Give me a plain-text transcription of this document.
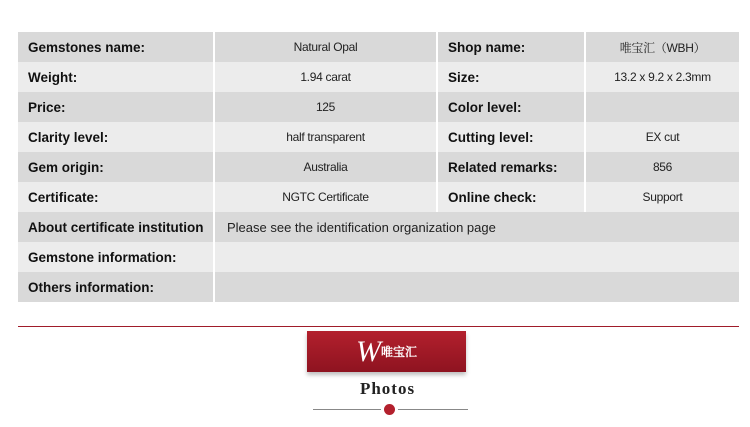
Gemstones name:	Natural Opal	Shop name:	唯宝汇（WBH）
Weight:	1.94 carat	Size:	13.2 x 9.2 x 2.3mm
Price:	125	Color level:
Clarity level:	half transparent	Cutting level:	EX cut
Gem origin:	Australia	Related remarks:	856
Certificate:	NGTC Certificate	Online check:	Support
About certificate institution	Please see the identification organization page
Gemstone information:
Others information:
W 唯宝汇
Photos
